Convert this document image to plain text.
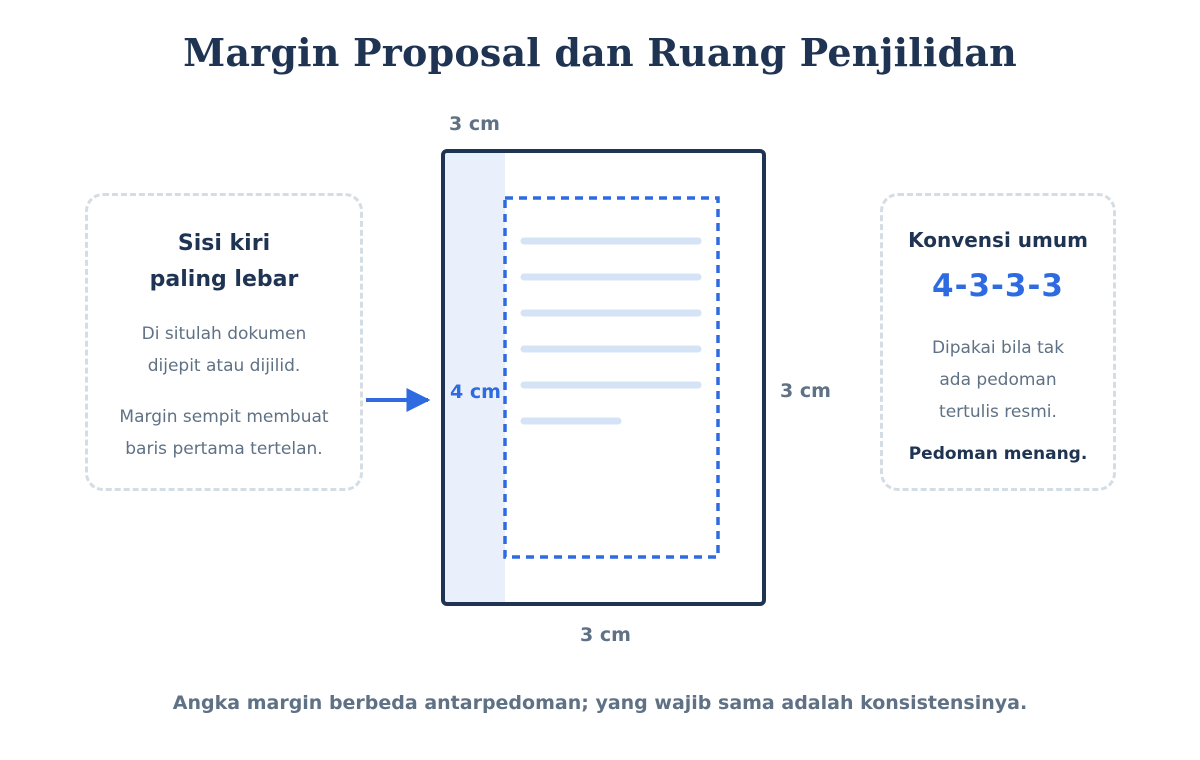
Margin Proposal dan Ruang Penjilidan
Sisi kiri
paling lebar
Di situlah dokumen
dijepit atau dijilid.
Margin sempit membuat
baris pertama tertelan.
Konvensi umum
4-3-3-3
Dipakai bila tak
ada pedoman
tertulis resmi.
Pedoman menang.
3 cm
4 cm	3 cm
3 cm
Angka margin berbeda antarpedoman; yang wajib sama adalah konsistensinya.
